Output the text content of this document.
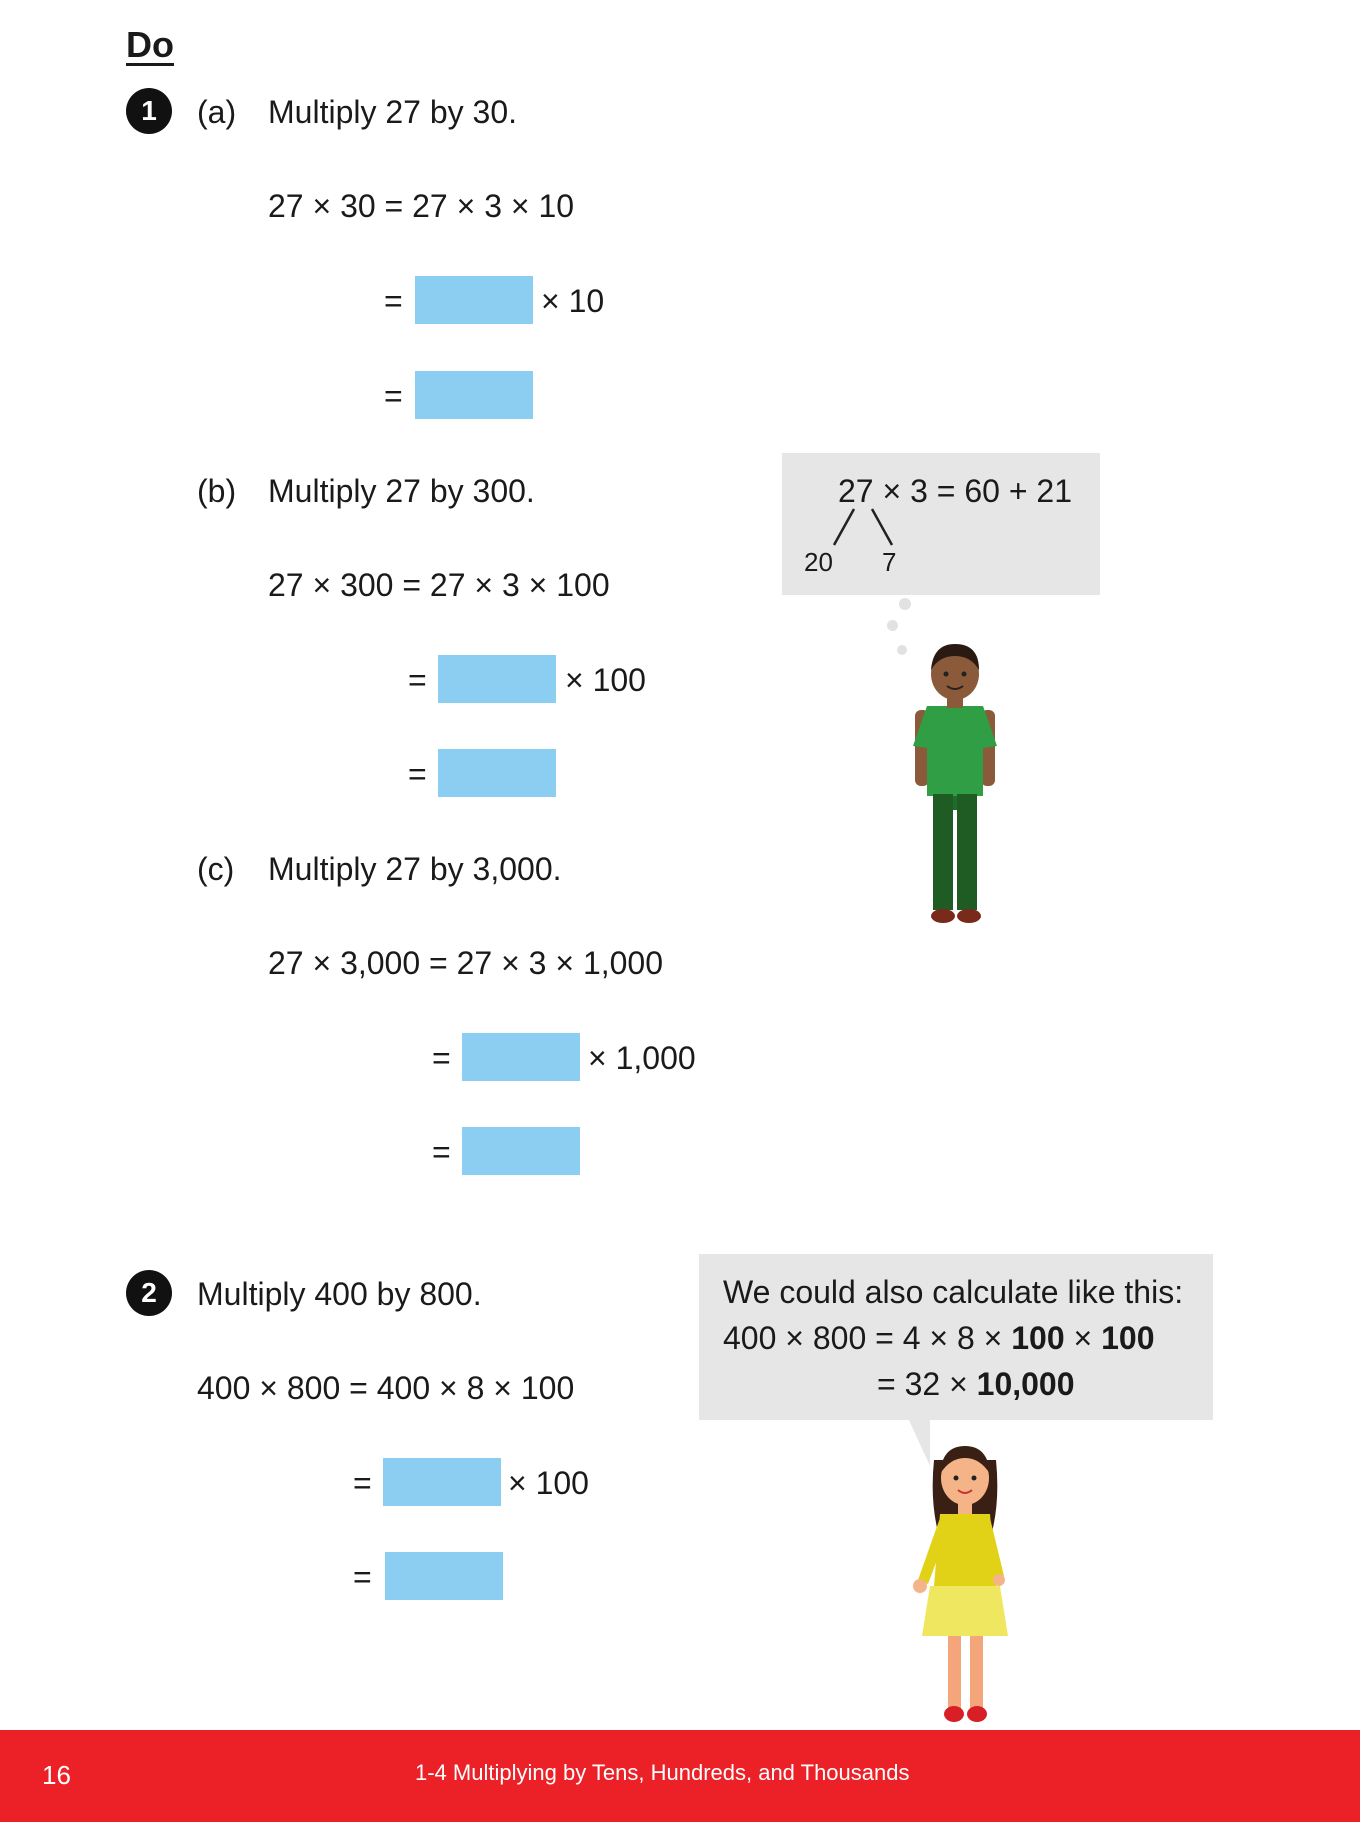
Do
1	(a) Multiply 27 by 30.
27 × 30 = 27 × 3 × 10
=	× 10
=
(b) Multiply 27 by 300.
27 × 300 = 27 × 3 × 100
=	× 100
=
(c) Multiply 27 by 3,000.
27 × 3,000 = 27 × 3 × 1,000
=	× 1,000
=
27 × 3 = 60 + 21
20 7
2	Multiply 400 by 800.
400 × 800 = 400 × 8 × 100
=	× 100
=
We could also calculate like this:
400 × 800 = 4 × 8 × 100 × 100
= 32 × 10,000
16	1-4 Multiplying by Tens, Hundreds, and Thousands
